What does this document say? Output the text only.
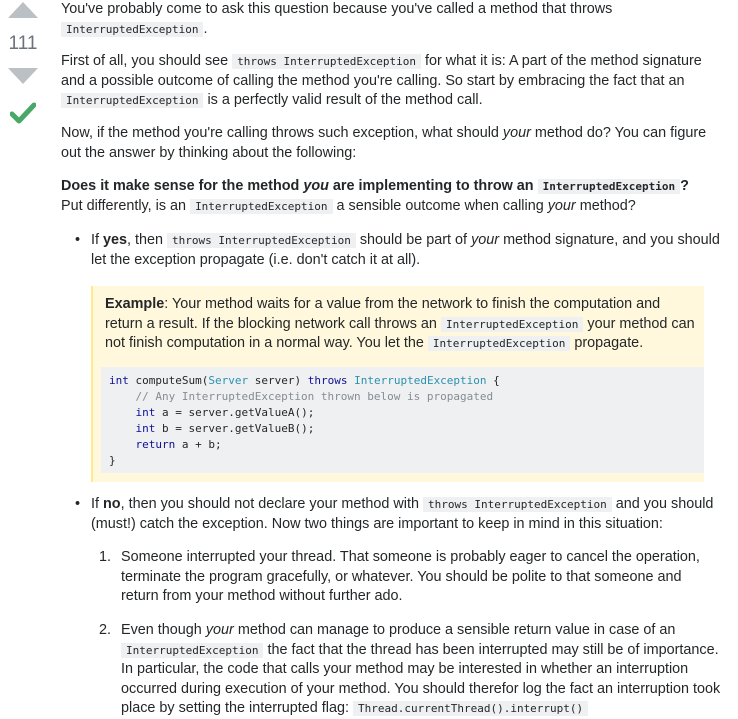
111

You've probably come to ask this question because you've called a method that throws
InterruptedException .

First of all, you should see throws InterruptedException for what it is: A part of the method signature and a possible outcome of calling the method you're calling. So start by embracing the fact that an InterruptedException is a perfectly valid result of the method call.

Now, if the method you're calling throws such exception, what should your method do? You can figure out the answer by thinking about the following:

Does it make sense for the method you are implementing to throw an InterruptedException ?
Put differently, is an InterruptedException a sensible outcome when calling your method?

• If yes, then throws InterruptedException should be part of your method signature, and you should let the exception propagate (i.e. don't catch it at all).

Example: Your method waits for a value from the network to finish the computation and return a result. If the blocking network call throws an InterruptedException your method can not finish computation in a normal way. You let the InterruptedException propagate.

int computeSum(Server server) throws InterruptedException {
// Any InterruptedException thrown below is propagated
int a = server.getValueA();
int b = server.getValueB();
return a + b;
}
• If no, then you should not declare your method with throws InterruptedException and you should (must!) catch the exception. Now two things are important to keep in mind in this situation:
1. Someone interrupted your thread. That someone is probably eager to cancel the operation, terminate the program gracefully, or whatever. You should be polite to that someone and return from your method without further ado.
2. Even though your method can manage to produce a sensible return value in case of an InterruptedException the fact that the thread has been interrupted may still be of importance. In particular, the code that calls your method may be interested in whether an interruption occurred during execution of your method. You should therefor log the fact an interruption took place by setting the interrupted flag: Thread.currentThread().interrupt()
